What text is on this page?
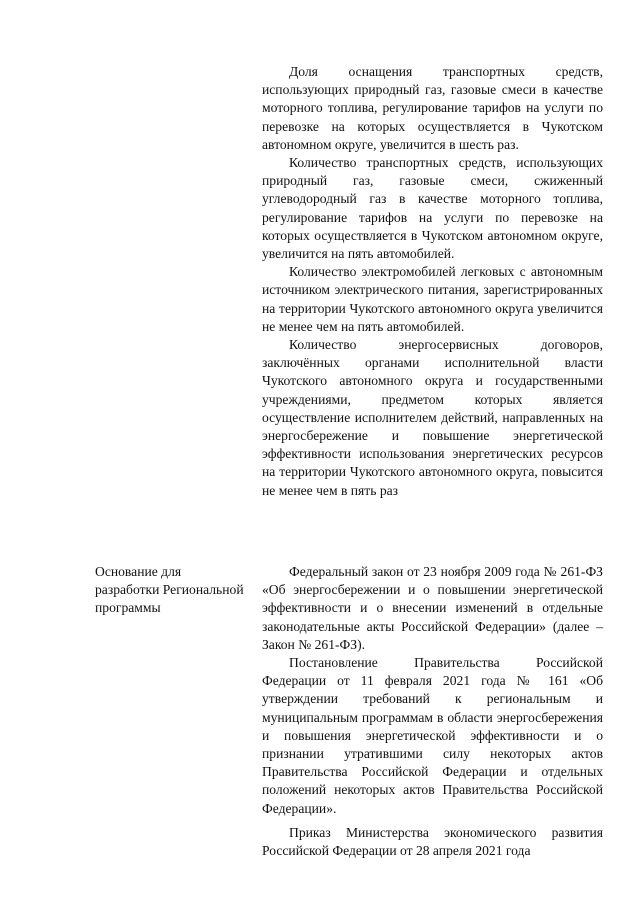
Доля оснащения транспортных средств, использующих природный газ, газовые смеси в качестве моторного топлива, регулирование тарифов на услуги по перевозке на которых осуществляется в Чукотском автономном округе, увеличится в шесть раз.

Количество транспортных средств, использующих природный газ, газовые смеси, сжиженный углеводородный газ в качестве моторного топлива, регулирование тарифов на услуги по перевозке на которых осуществляется в Чукотском автономном округе, увеличится на пять автомобилей.

Количество электромобилей легковых с автономным источником электрического питания, зарегистрированных на территории Чукотского автономного округа увеличится не менее чем на пять автомобилей.

Количество энергосервисных договоров, заключённых органами исполнительной власти Чукотского автономного округа и государственными учреждениями, предметом которых является осуществление исполнителем действий, направленных на энергосбережение и повышение энергетической эффективности использования энергетических ресурсов на территории Чукотского автономного округа, повысится не менее чем в пять раз

Основание для разработки Региональной программы

Федеральный закон от 23 ноября 2009 года № 261-ФЗ «Об энергосбережении и о повышении энергетической эффективности и о внесении изменений в отдельные законодательные акты Российской Федерации» (далее – Закон № 261-ФЗ).

Постановление Правительства Российской Федерации от 11 февраля 2021 года № 161 «Об утверждении требований к региональным и муниципальным программам в области энергосбережения и повышения энергетической эффективности и о признании утратившими силу некоторых актов Правительства Российской Федерации и отдельных положений некоторых актов Правительства Российской Федерации».

Приказ Министерства экономического развития Российской Федерации от 28 апреля 2021 года
